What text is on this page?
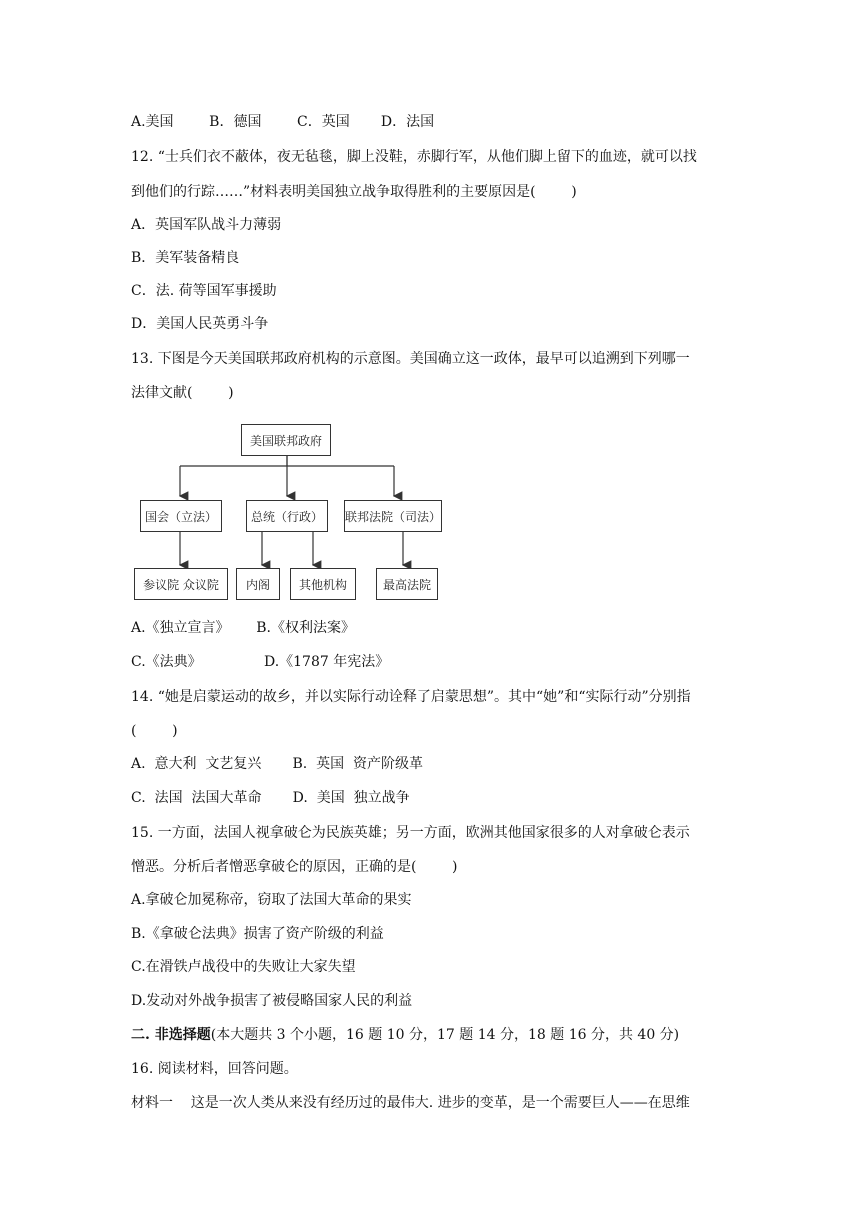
A.美国        B．德国        C．英国       D．法国
12. “士兵们衣不蔽体，夜无毡毯，脚上没鞋，赤脚行军，从他们脚上留下的血迹，就可以找
到他们的行踪……”材料表明美国独立战争取得胜利的主要原因是(        )
A．英国军队战斗力薄弱
B．美军装备精良
C．法. 荷等国军事援助
D．美国人民英勇斗争
13. 下图是今天美国联邦政府机构的示意图。美国确立这一政体，最早可以追溯到下列哪一
法律文献(        )
美国联邦政府
国会（立法）	总统（行政）	联邦法院（司法）
参议院 众议院	内阁	其他机构	最高法院
A.《独立宣言》      B.《权利法案》
C.《法典》              D.《1787 年宪法》
14. “她是启蒙运动的故乡，并以实际行动诠释了启蒙思想”。其中“她”和“实际行动”分别指
(        )
A.  意大利  文艺复兴       B.  英国  资产阶级革
C.  法国  法国大革命       D.  美国  独立战争
15. 一方面，法国人视拿破仑为民族英雄；另一方面，欧洲其他国家很多的人对拿破仑表示
憎恶。分析后者憎恶拿破仑的原因，正确的是(        )
A.拿破仑加冕称帝，窃取了法国大革命的果实
B.《拿破仑法典》损害了资产阶级的利益
C.在滑铁卢战役中的失败让大家失望
D.发动对外战争损害了被侵略国家人民的利益
二. 非选择题(本大题共 3 个小题，16 题 10 分，17 题 14 分，18 题 16 分，共 40 分)
16. 阅读材料，回答问题。
材料一    这是一次人类从来没有经历过的最伟大. 进步的变革，是一个需要巨人——在思维
